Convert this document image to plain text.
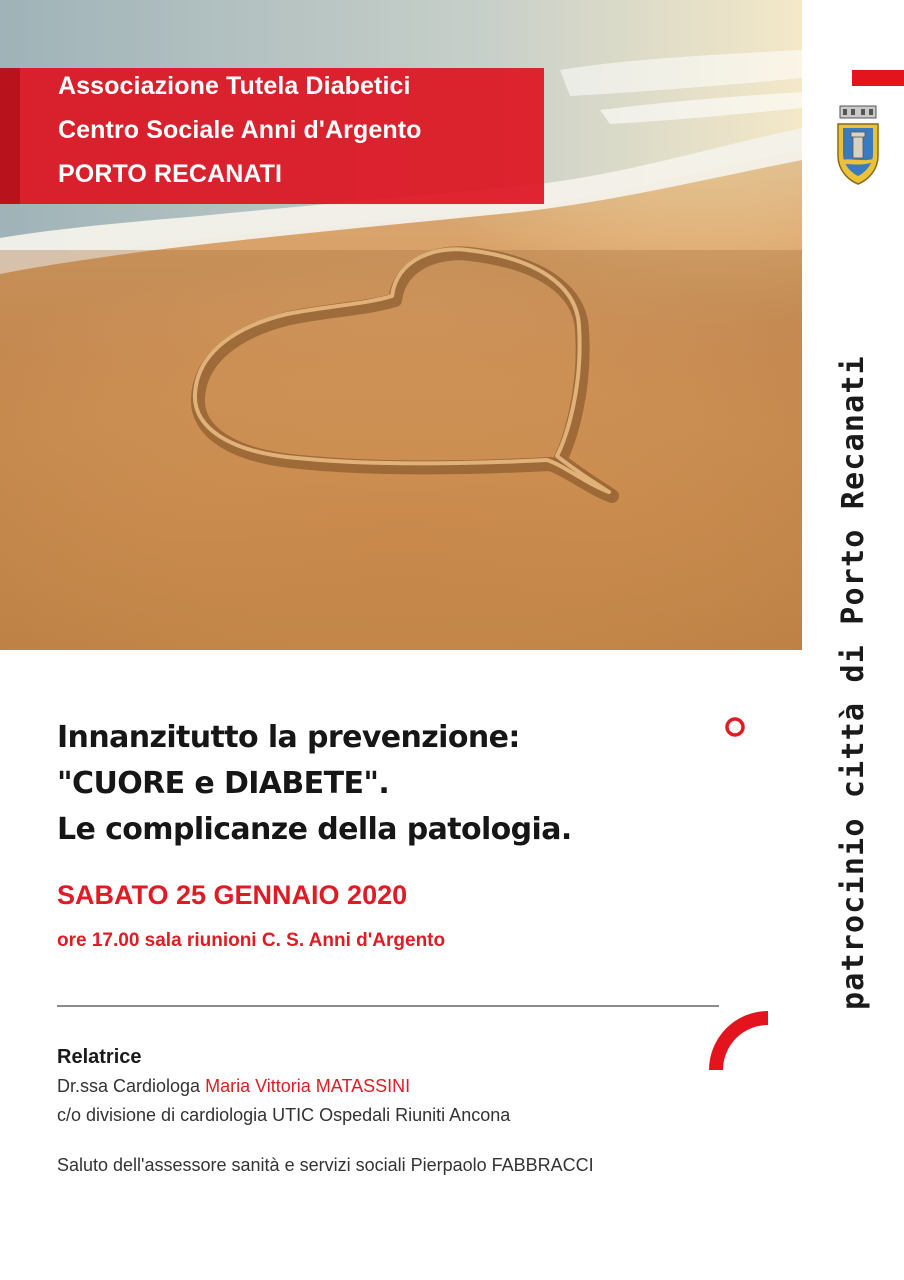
Associazione Tutela Diabetici
Centro Sociale Anni d'Argento
PORTO RECANATI
patrocinio città di Porto Recanati
Innanzitutto la prevenzione:
"CUORE e DIABETE".
Le complicanze della patologia.
SABATO 25 GENNAIO 2020
ore 17.00 sala riunioni C. S. Anni d'Argento
Relatrice
Dr.ssa Cardiologa Maria Vittoria MATASSINI
c/o divisione di cardiologia UTIC Ospedali Riuniti Ancona
Saluto dell'assessore sanità e servizi sociali Pierpaolo FABBRACCI
